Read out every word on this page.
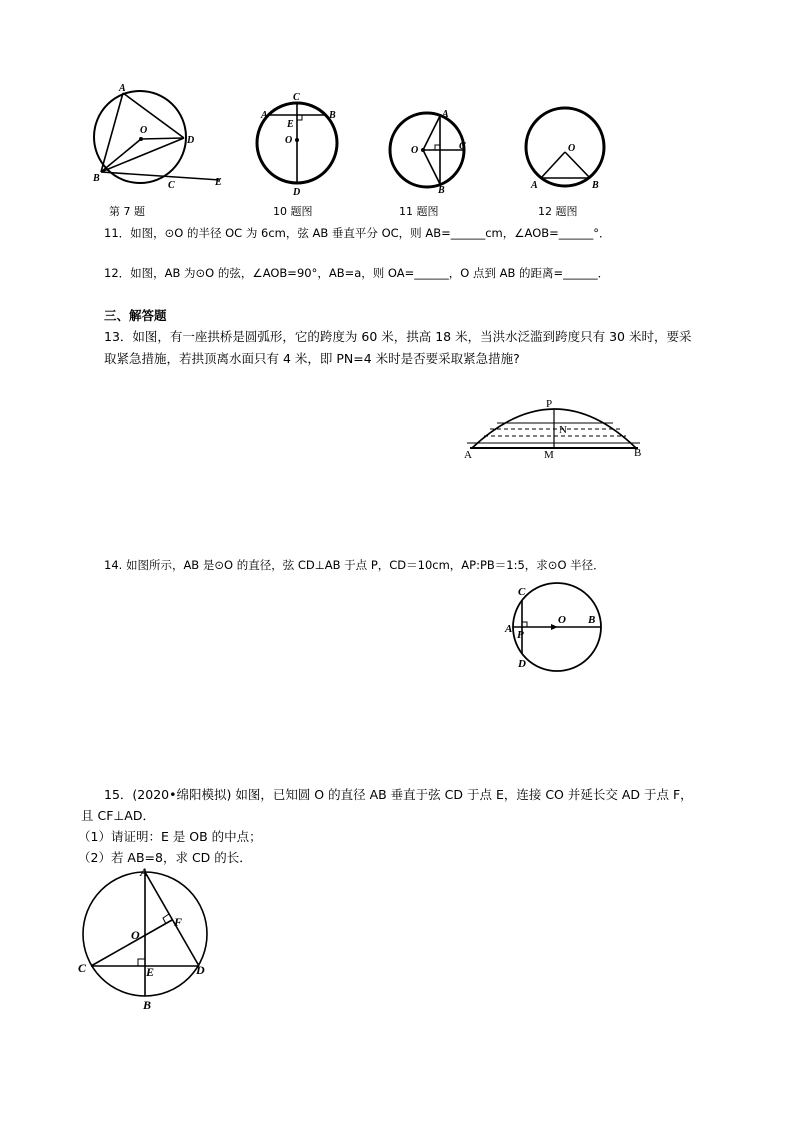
A
O
D
B
C	E
C
A	B
E
O
D
A
O	C
B
O
A	B
第 7 题	10 题图	11 题图	12 题图
11．如图，⊙O 的半径 OC 为 6cm，弦 AB 垂直平分 OC，则 AB=______cm，∠AOB=______°．
12．如图，AB 为⊙O 的弦，∠AOB=90°，AB=a，则 OA=______，O 点到 AB 的距离=______．
三、解答题
13．如图，有一座拱桥是圆弧形，它的跨度为 60 米，拱高 18 米，当洪水泛滥到跨度只有 30 米时，要采
取紧急措施，若拱顶离水面只有 4 米，即 PN=4 米时是否要采取紧急措施?
P
N
A	M	B
14. 如图所示，AB 是⊙O 的直径，弦 CD⊥AB 于点 P，CD＝10cm，AP:PB＝1:5，求⊙O 半径．
C
A P
O B
D
15．(2020•绵阳模拟) 如图，已知圆 O 的直径 AB 垂直于弦 CD 于点 E，连接 CO 并延长交 AD 于点 F，
且 CF⊥AD．
（1）请证明：E 是 OB 的中点；
（2）若 AB=8，求 CD 的长．
A
F
O
C	E	D
B
